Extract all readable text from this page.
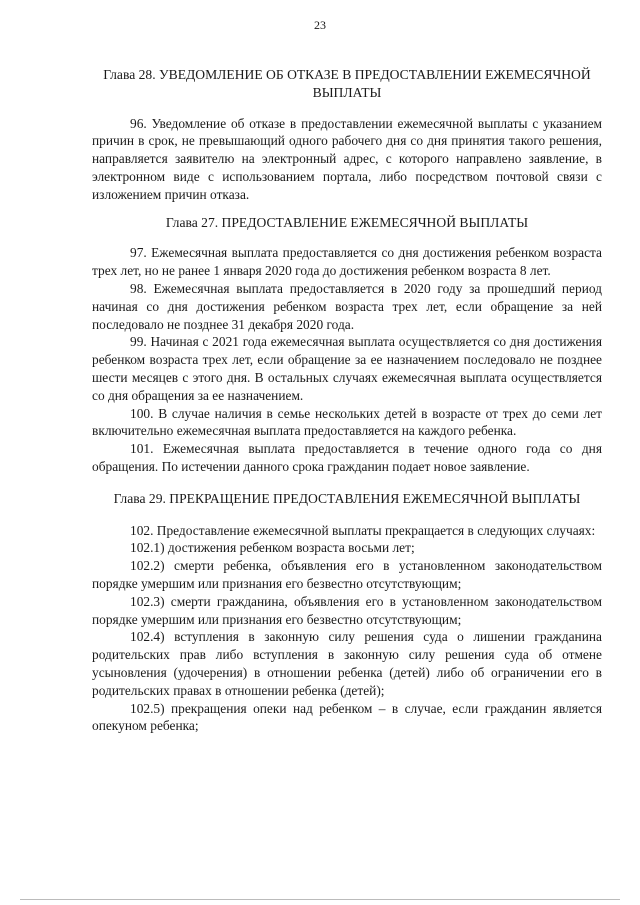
23

Глава 28. УВЕДОМЛЕНИЕ ОБ ОТКАЗЕ В ПРЕДОСТАВЛЕНИИ ЕЖЕМЕСЯЧНОЙ ВЫПЛАТЫ

96. Уведомление об отказе в предоставлении ежемесячной выплаты с указанием причин в срок, не превышающий одного рабочего дня со дня принятия такого решения, направляется заявителю на электронный адрес, с которого направлено заявление, в электронном виде с использованием портала, либо посредством почтовой связи с изложением причин отказа.

Глава 27. ПРЕДОСТАВЛЕНИЕ ЕЖЕМЕСЯЧНОЙ ВЫПЛАТЫ

97. Ежемесячная выплата предоставляется со дня достижения ребенком возраста трех лет, но не ранее 1 января 2020 года до достижения ребенком возраста 8 лет.

98. Ежемесячная выплата предоставляется в 2020 году за прошедший период начиная со дня достижения ребенком возраста трех лет, если обращение за ней последовало не позднее 31 декабря 2020 года.

99. Начиная с 2021 года ежемесячная выплата осуществляется со дня достижения ребенком возраста трех лет, если обращение за ее назначением последовало не позднее шести месяцев с этого дня. В остальных случаях ежемесячная выплата осуществляется со дня обращения за ее назначением.

100. В случае наличия в семье нескольких детей в возрасте от трех до семи лет включительно ежемесячная выплата предоставляется на каждого ребенка.

101. Ежемесячная выплата предоставляется в течение одного года со дня обращения. По истечении данного срока гражданин подает новое заявление.

Глава 29. ПРЕКРАЩЕНИЕ ПРЕДОСТАВЛЕНИЯ ЕЖЕМЕСЯЧНОЙ ВЫПЛАТЫ

102. Предоставление ежемесячной выплаты прекращается в следующих случаях:

102.1) достижения ребенком возраста восьми лет;

102.2) смерти ребенка, объявления его в установленном законодательством порядке умершим или признания его безвестно отсутствующим;

102.3) смерти гражданина, объявления его в установленном законодательством порядке умершим или признания его безвестно отсутствующим;

102.4) вступления в законную силу решения суда о лишении гражданина родительских прав либо вступления в законную силу решения суда об отмене усыновления (удочерения) в отношении ребенка (детей) либо об ограничении его в родительских правах в отношении ребенка (детей);

102.5) прекращения опеки над ребенком – в случае, если гражданин является опекуном ребенка;
